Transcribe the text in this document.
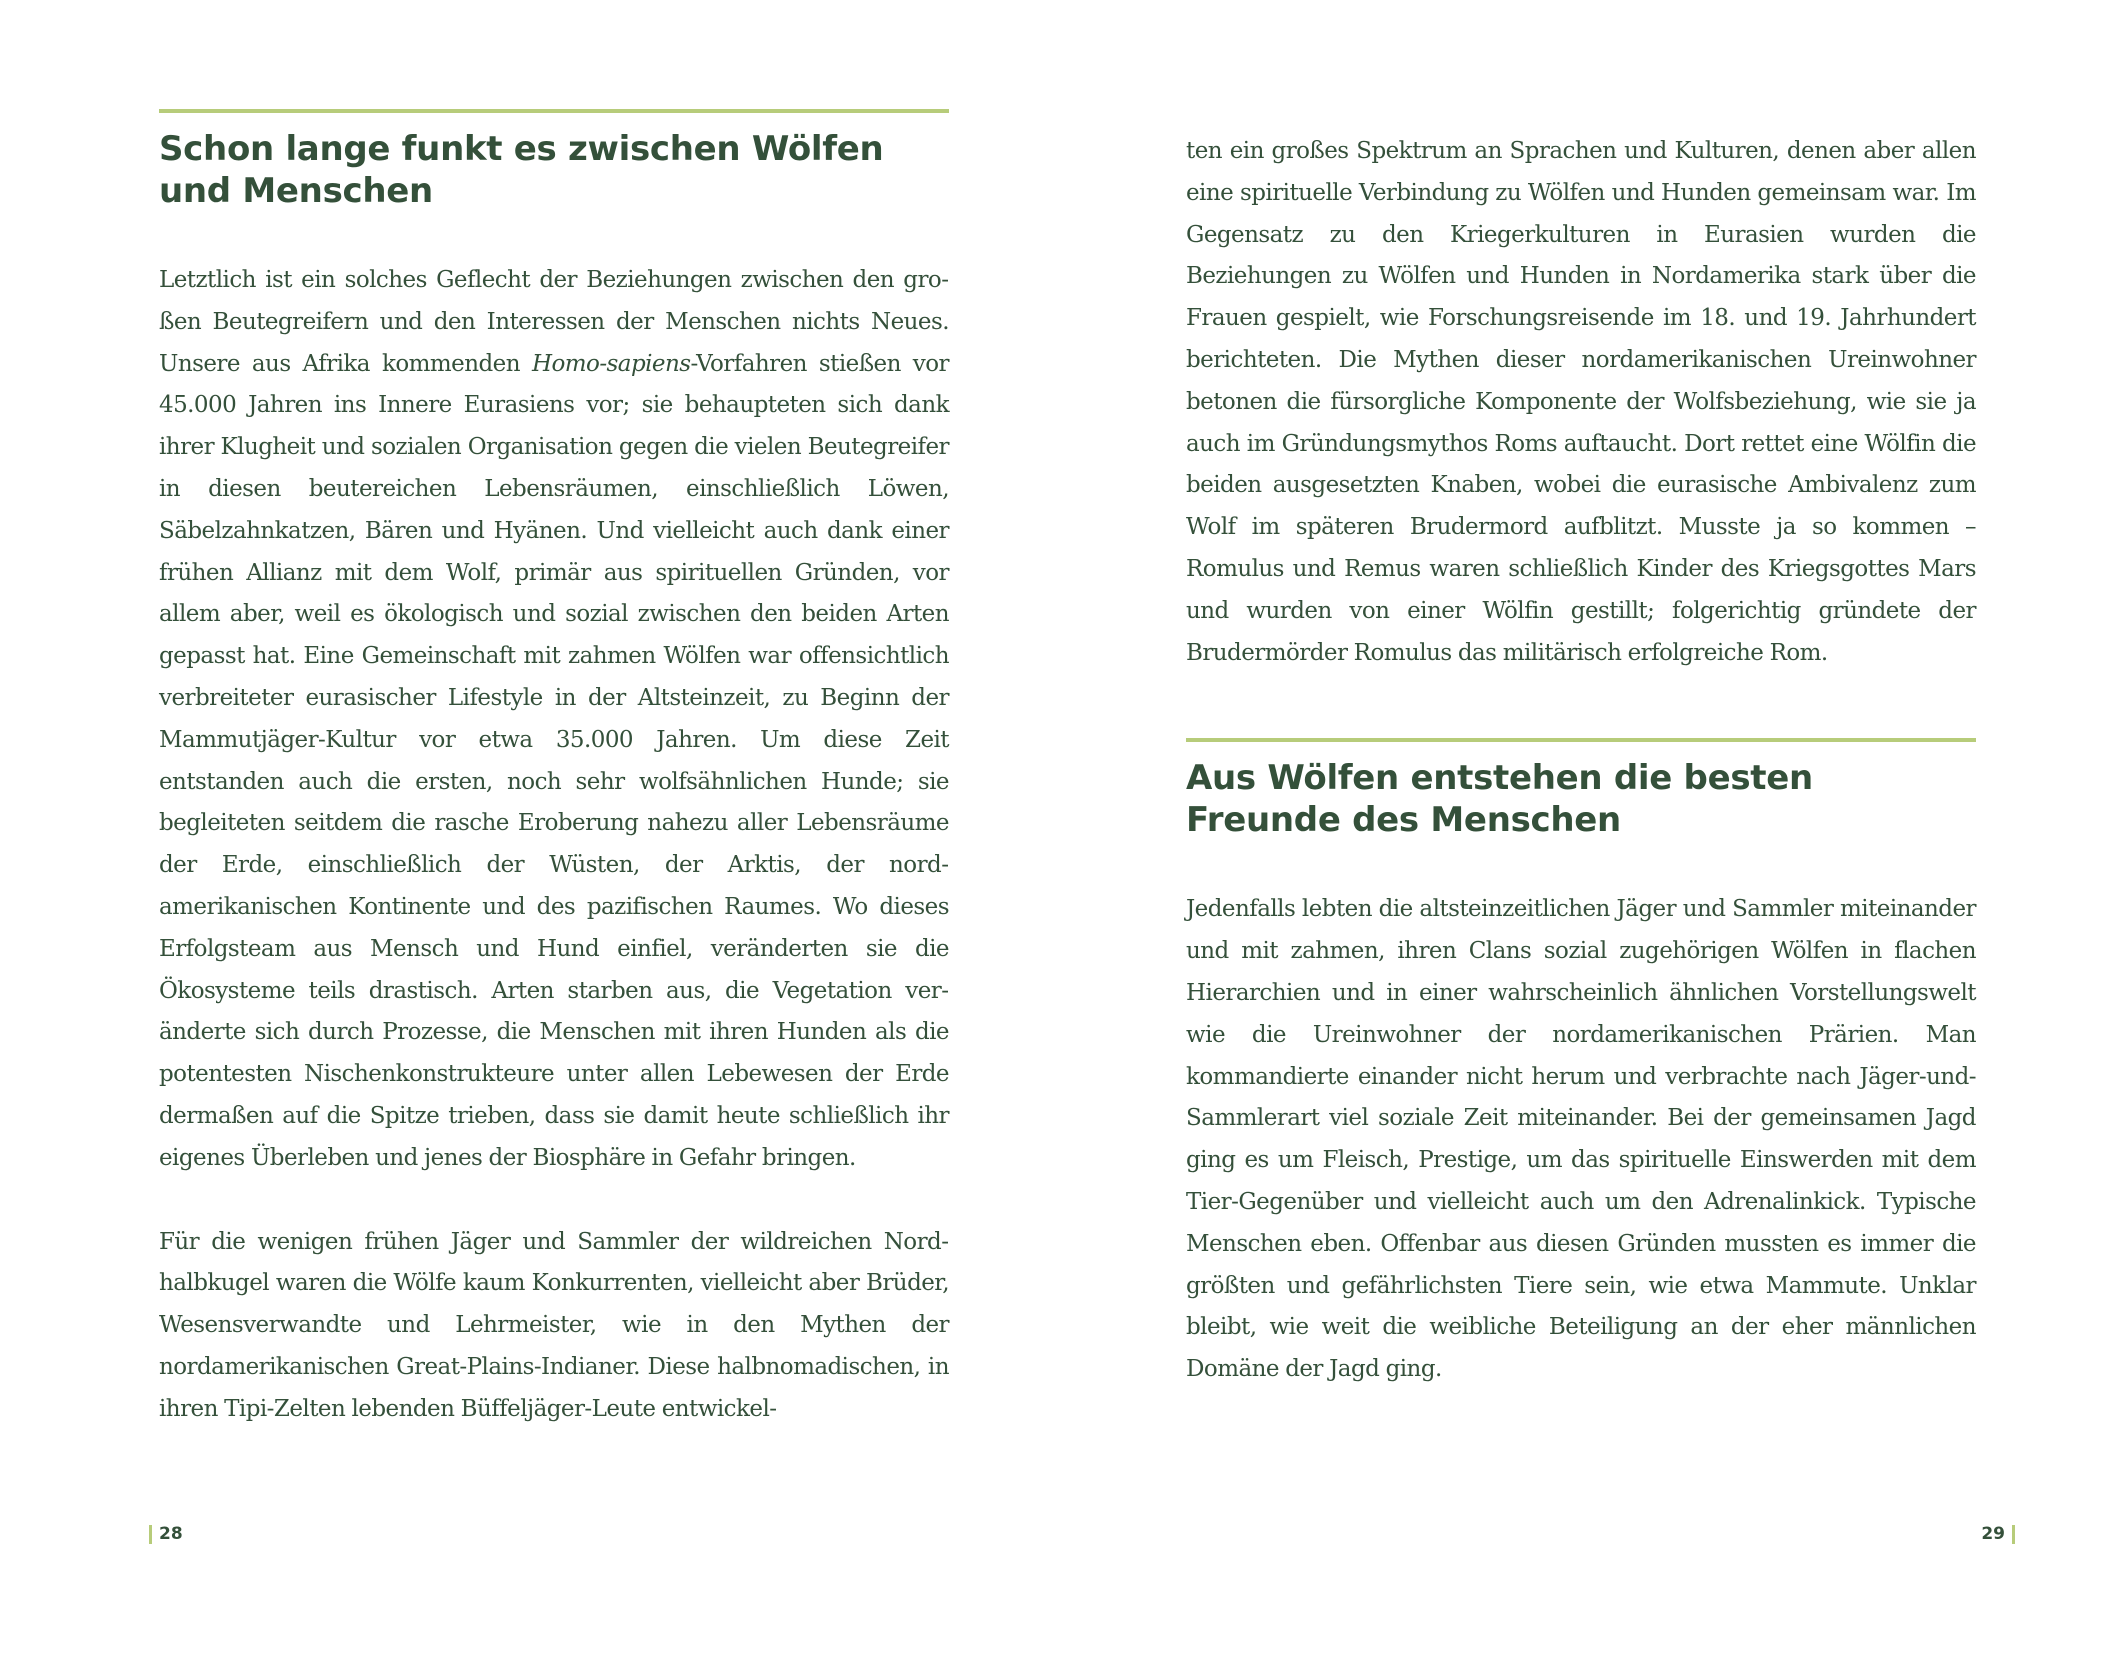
Schon lange funkt es zwischen Wölfen und Menschen

Letztlich ist ein solches Geflecht der Beziehungen zwischen den großen Beutegreifern und den Interessen der Menschen nichts Neues. Unsere aus Afrika kommenden Homo-sapiens-Vorfahren stießen vor 45.000 Jahren ins Innere Eurasiens vor; sie behaupteten sich dank ihrer Klugheit und sozialen Organisation gegen die vielen Beutegreifer in diesen beutereichen Lebensräumen, einschließlich Löwen, Säbelzahnkatzen, Bären und Hyänen. Und vielleicht auch dank einer frühen Allianz mit dem Wolf, primär aus spirituellen Gründen, vor allem aber, weil es ökologisch und sozial zwischen den beiden Arten gepasst hat. Eine Gemeinschaft mit zahmen Wölfen war offensichtlich verbreiteter eurasischer Lifestyle in der Altsteinzeit, zu Beginn der Mammutjäger-Kultur vor etwa 35.000 Jahren. Um diese Zeit entstanden auch die ersten, noch sehr wolfsähnlichen Hunde; sie begleiteten seitdem die rasche Eroberung nahezu aller Lebensräume der Erde, einschließlich der Wüsten, der Arktis, der nordamerikanischen Kontinente und des pazifischen Raumes. Wo dieses Erfolgsteam aus Mensch und Hund einfiel, veränderten sie die Ökosysteme teils drastisch. Arten starben aus, die Vegetation veränderte sich durch Prozesse, die Menschen mit ihren Hunden als die potentesten Nischenkonstrukteure unter allen Lebewesen der Erde dermaßen auf die Spitze trieben, dass sie damit heute schließlich ihr eigenes Überleben und jenes der Biosphäre in Gefahr bringen.

Für die wenigen frühen Jäger und Sammler der wildreichen Nordhalbkugel waren die Wölfe kaum Konkurrenten, vielleicht aber Brüder, Wesensverwandte und Lehrmeister, wie in den Mythen der nordamerikanischen Great-Plains-Indianer. Diese halbnomadischen, in ihren Tipi-Zelten lebenden Büffeljäger-Leute entwickel-

28

ten ein großes Spektrum an Sprachen und Kulturen, denen aber allen eine spirituelle Verbindung zu Wölfen und Hunden gemeinsam war. Im Gegensatz zu den Kriegerkulturen in Eurasien wurden die Beziehungen zu Wölfen und Hunden in Nordamerika stark über die Frauen gespielt, wie Forschungsreisende im 18. und 19. Jahrhundert berichteten. Die Mythen dieser nordamerikanischen Ureinwohner betonen die fürsorgliche Komponente der Wolfsbeziehung, wie sie ja auch im Gründungsmythos Roms auftaucht. Dort rettet eine Wölfin die beiden ausgesetzten Knaben, wobei die eurasische Ambivalenz zum Wolf im späteren Brudermord aufblitzt. Musste ja so kommen – Romulus und Remus waren schließlich Kinder des Kriegsgottes Mars und wurden von einer Wölfin gestillt; folgerichtig gründete der Brudermörder Romulus das militärisch erfolgreiche Rom.

Aus Wölfen entstehen die besten Freunde des Menschen

Jedenfalls lebten die altsteinzeitlichen Jäger und Sammler miteinander und mit zahmen, ihren Clans sozial zugehörigen Wölfen in flachen Hierarchien und in einer wahrscheinlich ähnlichen Vorstellungswelt wie die Ureinwohner der nordamerikanischen Prärien. Man kommandierte einander nicht herum und verbrachte nach Jäger-und-Sammlerart viel soziale Zeit miteinander. Bei der gemeinsamen Jagd ging es um Fleisch, Prestige, um das spirituelle Einswerden mit dem Tier-Gegenüber und vielleicht auch um den Adrenalinkick. Typische Menschen eben. Offenbar aus diesen Gründen mussten es immer die größten und gefährlichsten Tiere sein, wie etwa Mammute. Unklar bleibt, wie weit die weibliche Beteiligung an der eher männlichen Domäne der Jagd ging.

29
